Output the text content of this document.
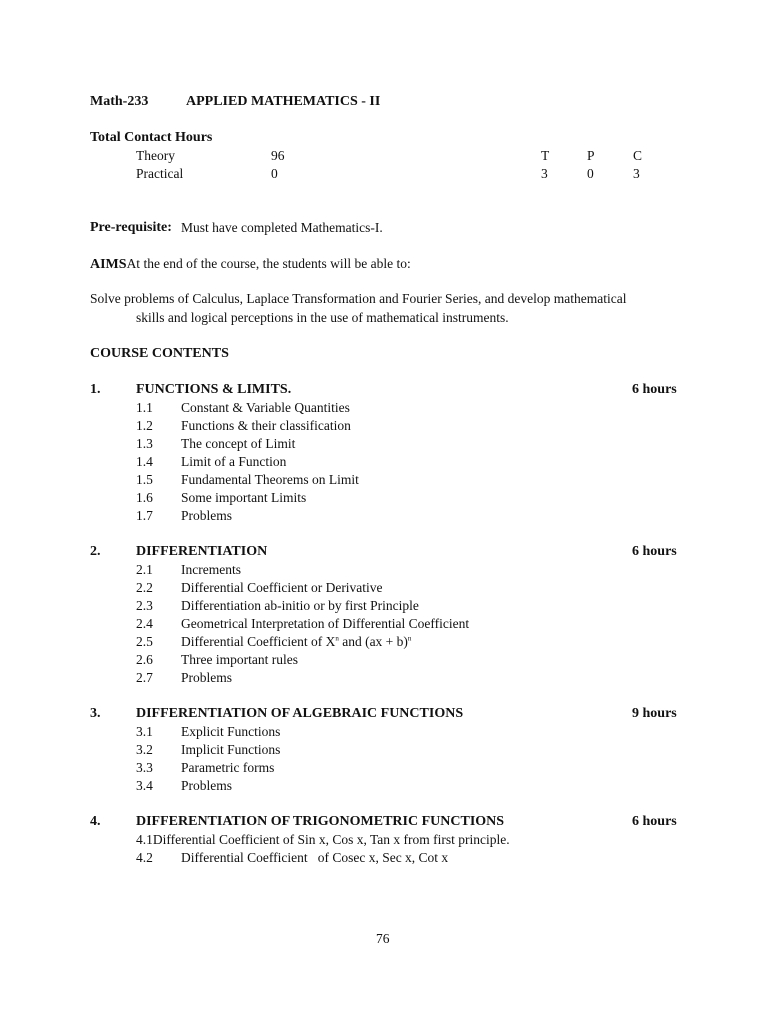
Math-233	APPLIED MATHEMATICS - II
Total Contact Hours
Theory	96	T	P	C
Practical	0	3	0	3
Pre-requisite: Must have completed Mathematics-I.
AIMSAt the end of the course, the students will be able to:
Solve problems of Calculus, Laplace Transformation and Fourier Series, and develop mathematical
skills and logical perceptions in the use of mathematical instruments.
COURSE CONTENTS
1.	FUNCTIONS & LIMITS.	6 hours
1.1 Constant & Variable Quantities
1.2 Functions & their classification
1.3 The concept of Limit
1.4 Limit of a Function
1.5 Fundamental Theorems on Limit
1.6 Some important Limits
1.7 Problems
2.	DIFFERENTIATION	6 hours
2.1 Increments
2.2 Differential Coefficient or Derivative
2.3 Differentiation ab-initio or by first Principle
2.4 Geometrical Interpretation of Differential Coefficient
2.5 Differential Coefficient of $X^n$ and (ax + b)$^n$
2.6 Three important rules
2.7 Problems
3.	DIFFERENTIATION OF ALGEBRAIC FUNCTIONS	9 hours
3.1 Explicit Functions
3.2 Implicit Functions
3.3 Parametric forms
3.4 Problems
4.	DIFFERENTIATION OF TRIGONOMETRIC FUNCTIONS	6 hours
4.1Differential Coefficient of Sin x, Cos x, Tan x from first principle.
4.2 Differential Coefficient   of Cosec x, Sec x, Cot x
76
